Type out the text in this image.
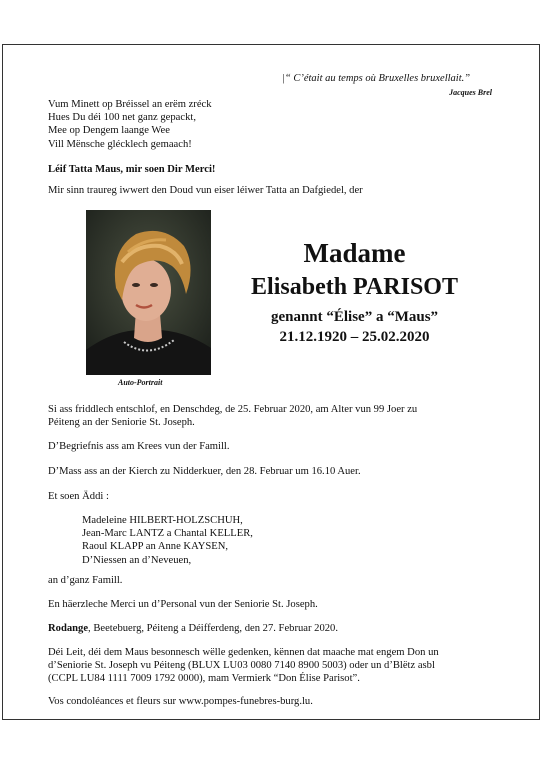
|“ C’était au temps où Bruxelles bruxellait.”
Jacques Brel
Vum Minett op Bréissel an erëm zréck
Hues Du déi 100 net ganz gepackt,
Mee op Dengem laange Wee
Vill Mënsche glécklech gemaach!
Léif Tatta Maus, mir soen Dir Merci!
Mir sinn traureg iwwert den Doud vun eiser léiwer Tatta an Dafgiedel, der
Auto-Portrait
Madame
Elisabeth PARISOT
genannt “Élise” a “Maus”
21.12.1920 – 25.02.2020
Si ass friddlech entschlof, en Denschdeg, de 25. Februar 2020, am Alter vun 99 Joer zu
Péiteng an der Seniorie St. Joseph.
D’Begriefnis ass am Krees vun der Famill.
D’Mass ass an der Kierch zu Nidderkuer, den 28. Februar um 16.10 Auer.
Et soen Äddi :
Madeleine HILBERT-HOLZSCHUH,
Jean-Marc LANTZ a Chantal KELLER,
Raoul KLAPP an Anne KAYSEN,
D’Niessen an d’Neveuen,
an d’ganz Famill.
En häerzleche Merci un d’Personal vun der Seniorie St. Joseph.
Rodange, Beetebuerg, Péiteng a Déifferdeng, den 27. Februar 2020.
Déi Leit, déi dem Maus besonnesch wëlle gedenken, kënnen dat maache mat engem Don un
d’Seniorie St. Joseph vu Péiteng (BLUX LU03 0080 7140 8900 5003) oder un d’Blëtz asbl
(CCPL LU84 1111 7009 1792 0000), mam Vermierk “Don Élise Parisot”.
Vos condoléances et fleurs sur www.pompes-funebres-burg.lu.
